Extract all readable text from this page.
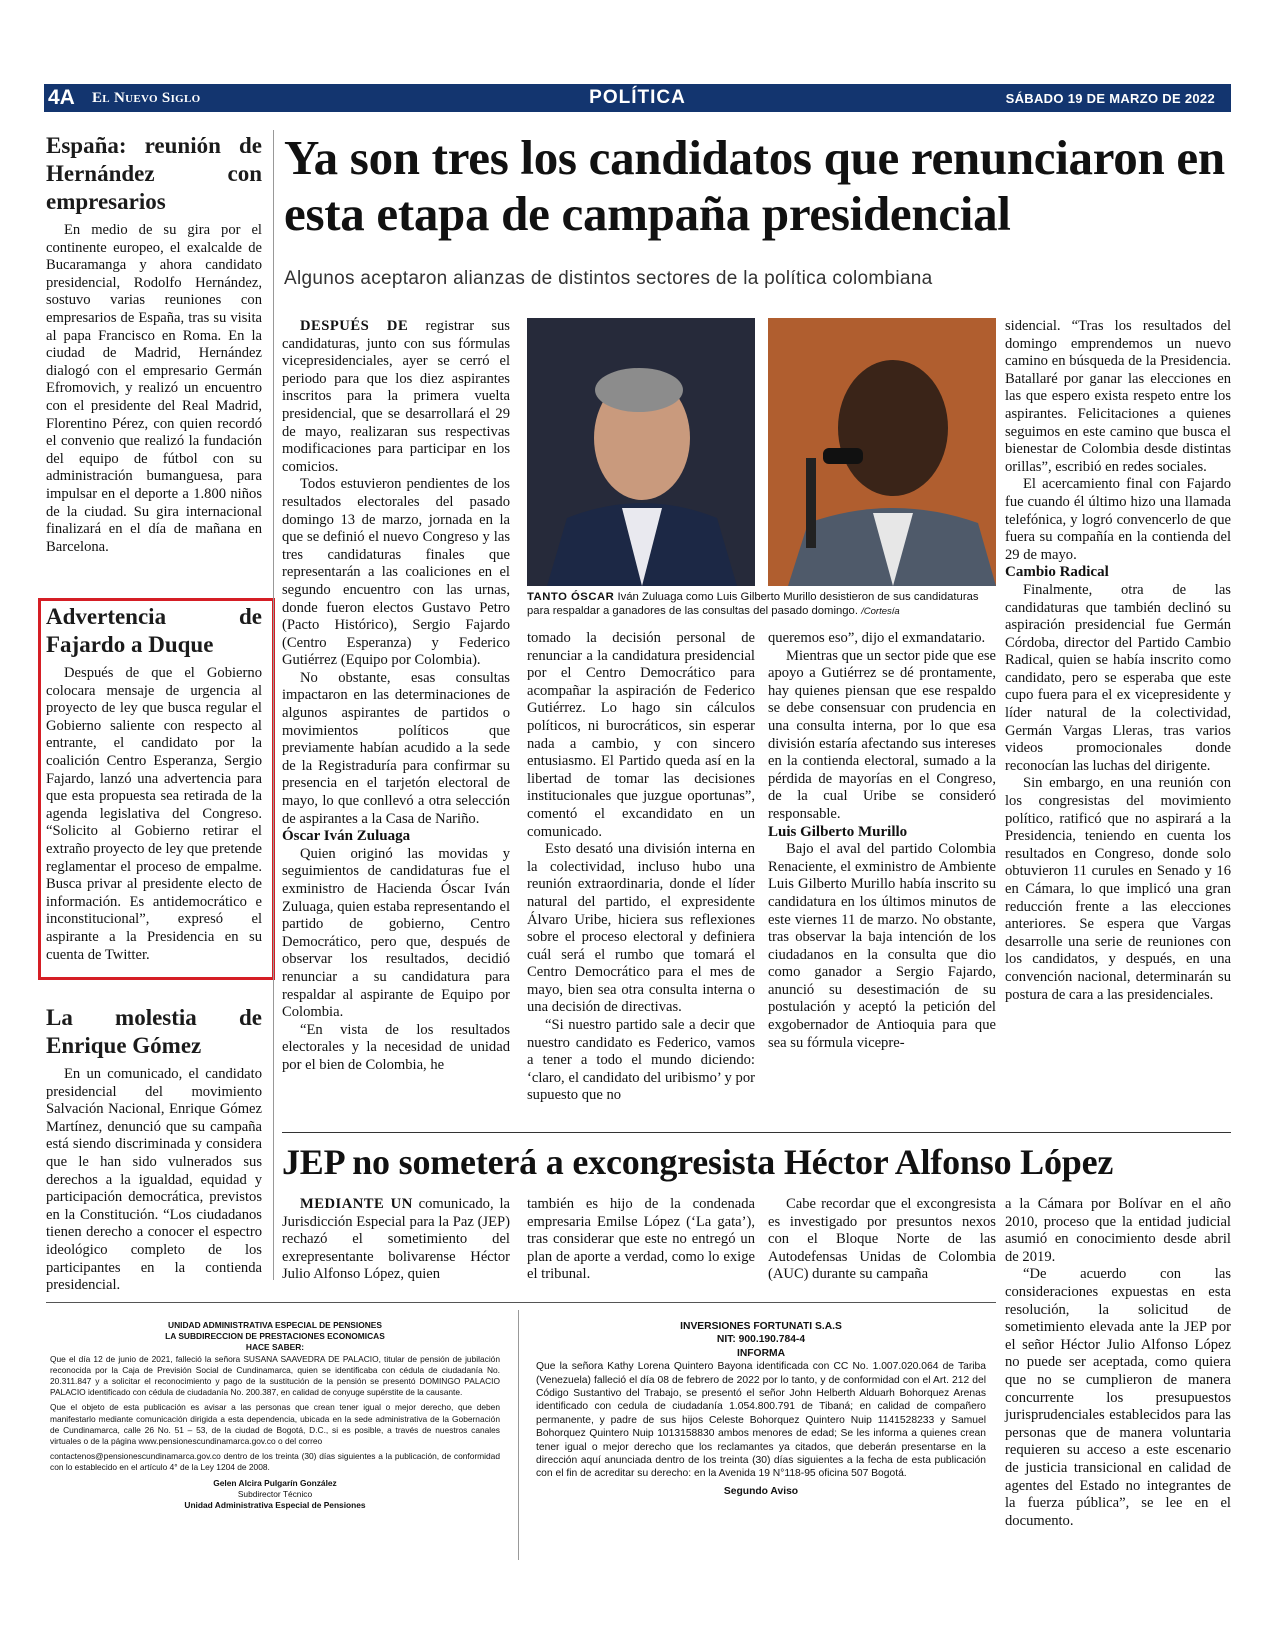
4A El Nuevo Siglo	POLÍTICA	SÁBADO 19 DE MARZO DE 2022
España: reunión de Hernández con empresarios

En medio de su gira por el continente europeo, el exalcalde de Bucaramanga y ahora candidato presidencial, Rodolfo Hernández, sostuvo varias reuniones con empresarios de España, tras su visita al papa Francisco en Roma. En la ciudad de Madrid, Hernández dialogó con el empresario Germán Efromovich, y realizó un encuentro con el presidente del Real Madrid, Florentino Pérez, con quien recordó el convenio que realizó la fundación del equipo de fútbol con su administración bumanguesa, para impulsar en el deporte a 1.800 niños de la ciudad. Su gira internacional finalizará en el día de mañana en Barcelona.

Advertencia de Fajardo a Duque

Después de que el Gobierno colocara mensaje de urgencia al proyecto de ley que busca regular el Gobierno saliente con respecto al entrante, el candidato por la coalición Centro Esperanza, Sergio Fajardo, lanzó una advertencia para que esta propuesta sea retirada de la agenda legislativa del Congreso. “Solicito al Gobierno retirar el extraño proyecto de ley que pretende reglamentar el proceso de empalme. Busca privar al presidente electo de información. Es antidemocrático e inconstitucional”, expresó el aspirante a la Presidencia en su cuenta de Twitter.

La molestia de Enrique Gómez

En un comunicado, el candidato presidencial del movimiento Salvación Nacional, Enrique Gómez Martínez, denunció que su campaña está siendo discriminada y considera que le han sido vulnerados sus derechos a la igualdad, equidad y participación democrática, previstos en la Constitución. “Los ciudadanos tienen derecho a conocer el espectro ideológico completo de los participantes en la contienda presidencial.

Ya son tres los candidatos que renunciaron en esta etapa de campaña presidencial
Algunos aceptaron alianzas de distintos sectores de la política colombiana
TANTO ÓSCAR Iván Zuluaga como Luis Gilberto Murillo desistieron de sus candidaturas para respaldar a ganadores de las consultas del pasado domingo. /Cortesía

DESPUÉS DE registrar sus candidaturas, junto con sus fórmulas vicepresidenciales, ayer se cerró el periodo para que los diez aspirantes inscritos para la primera vuelta presidencial, que se desarrollará el 29 de mayo, realizaran sus respectivas modificaciones para participar en los comicios.

Todos estuvieron pendientes de los resultados electorales del pasado domingo 13 de marzo, jornada en la que se definió el nuevo Congreso y las tres candidaturas finales que representarán a las coaliciones en el segundo encuentro con las urnas, donde fueron electos Gustavo Petro (Pacto Histórico), Sergio Fajardo (Centro Esperanza) y Federico Gutiérrez (Equipo por Colombia).

No obstante, esas consultas impactaron en las determinaciones de algunos aspirantes de partidos o movimientos políticos que previamente habían acudido a la sede de la Registraduría para confirmar su presencia en el tarjetón electoral de mayo, lo que conllevó a otra selección de aspirantes a la Casa de Nariño.

Óscar Iván Zuluaga

Quien originó las movidas y seguimientos de candidaturas fue el exministro de Hacienda Óscar Iván Zuluaga, quien estaba representando el partido de gobierno, Centro Democrático, pero que, después de observar los resultados, decidió renunciar a su candidatura para respaldar al aspirante de Equipo por Colombia.

“En vista de los resultados electorales y la necesidad de unidad por el bien de Colombia, he

tomado la decisión personal de renunciar a la candidatura presidencial por el Centro Democrático para acompañar la aspiración de Federico Gutiérrez. Lo hago sin cálculos políticos, ni burocráticos, sin esperar nada a cambio, y con sincero entusiasmo. El Partido queda así en la libertad de tomar las decisiones institucionales que juzgue oportunas”, comentó el excandidato en un comunicado.

Esto desató una división interna en la colectividad, incluso hubo una reunión extraordinaria, donde el líder natural del partido, el expresidente Álvaro Uribe, hiciera sus reflexiones sobre el proceso electoral y definiera cuál será el rumbo que tomará el Centro Democrático para el mes de mayo, bien sea otra consulta interna o una decisión de directivas.

“Si nuestro partido sale a decir que nuestro candidato es Federico, vamos a tener a todo el mundo diciendo: ‘claro, el candidato del uribismo’ y por supuesto que no

queremos eso”, dijo el exmandatario.

Mientras que un sector pide que ese apoyo a Gutiérrez se dé prontamente, hay quienes piensan que ese respaldo se debe consensuar con prudencia en una consulta interna, por lo que esa división estaría afectando sus intereses en la contienda electoral, sumado a la pérdida de mayorías en el Congreso, de la cual Uribe se consideró responsable.

Luis Gilberto Murillo

Bajo el aval del partido Colombia Renaciente, el exministro de Ambiente Luis Gilberto Murillo había inscrito su candidatura en los últimos minutos de este viernes 11 de marzo. No obstante, tras observar la baja intención de los ciudadanos en la consulta que dio como ganador a Sergio Fajardo, anunció su desestimación de su postulación y aceptó la petición del exgobernador de Antioquia para que sea su fórmula vicepre-

sidencial. “Tras los resultados del domingo emprendemos un nuevo camino en búsqueda de la Presidencia. Batallaré por ganar las elecciones en las que espero exista respeto entre los aspirantes. Felicitaciones a quienes seguimos en este camino que busca el bienestar de Colombia desde distintas orillas”, escribió en redes sociales.

El acercamiento final con Fajardo fue cuando él último hizo una llamada telefónica, y logró convencerlo de que fuera su compañía en la contienda del 29 de mayo.

Cambio Radical

Finalmente, otra de las candidaturas que también declinó su aspiración presidencial fue Germán Córdoba, director del Partido Cambio Radical, quien se había inscrito como candidato, pero se esperaba que este cupo fuera para el ex vicepresidente y líder natural de la colectividad, Germán Vargas Lleras, tras varios videos promocionales donde reconocían las luchas del dirigente.

Sin embargo, en una reunión con los congresistas del movimiento político, ratificó que no aspirará a la Presidencia, teniendo en cuenta los resultados en Congreso, donde solo obtuvieron 11 curules en Senado y 16 en Cámara, lo que implicó una gran reducción frente a las elecciones anteriores. Se espera que Vargas desarrolle una serie de reuniones con los candidatos, y después, en una convención nacional, determinarán su postura de cara a las presidenciales.

JEP no someterá a excongresista Héctor Alfonso López

MEDIANTE UN comunicado, la Jurisdicción Especial para la Paz (JEP) rechazó el sometimiento del exrepresentante bolivarense Héctor Julio Alfonso López, quien

también es hijo de la condenada empresaria Emilse López (‘La gata’), tras considerar que este no entregó un plan de aporte a verdad, como lo exige el tribunal.

Cabe recordar que el excongresista es investigado por presuntos nexos con el Bloque Norte de las Autodefensas Unidas de Colombia (AUC) durante su campaña

a la Cámara por Bolívar en el año 2010, proceso que la entidad judicial asumió en conocimiento desde abril de 2019.

“De acuerdo con las consideraciones expuestas en esta resolución, la solicitud de sometimiento elevada ante la JEP por el señor Héctor Julio Alfonso López no puede ser aceptada, como quiera que no se cumplieron de manera concurrente los presupuestos jurisprudenciales establecidos para las personas que de manera voluntaria requieren su acceso a este escenario de justicia transicional en calidad de agentes del Estado no integrantes de la fuerza pública”, se lee en el documento.

UNIDAD ADMINISTRATIVA ESPECIAL DE PENSIONES
LA SUBDIRECCION DE PRESTACIONES ECONOMICAS
HACE SABER:
Que el día 12 de junio de 2021, falleció la señora SUSANA SAAVEDRA DE PALACIO, titular de pensión de jubilación reconocida por la Caja de Previsión Social de Cundinamarca, quien se identificaba con cédula de ciudadanía No. 20.311.847 y a solicitar el reconocimiento y pago de la sustitución de la pensión se presentó DOMINGO PALACIO PALACIO identificado con cédula de ciudadanía No. 200.387, en calidad de conyuge supérstite de la causante.
Que el objeto de esta publicación es avisar a las personas que crean tener igual o mejor derecho, que deben manifestarlo mediante comunicación dirigida a esta dependencia, ubicada en la sede administrativa de la Gobernación de Cundinamarca, calle 26 No. 51 – 53, de la ciudad de Bogotá, D.C., si es posible, a través de nuestros canales virtuales o de la página www.pensionescundinamarca.gov.co o del correo
contactenos@pensionescundinamarca.gov.co dentro de los treinta (30) días siguientes a la publicación, de conformidad con lo establecido en el artículo 4° de la Ley 1204 de 2008.
Gelen Alcira Pulgarín González
Subdirector Técnico
Unidad Administrativa Especial de Pensiones
INVERSIONES FORTUNATI S.A.S
NIT: 900.190.784-4
INFORMA
Que la señora Kathy Lorena Quintero Bayona identificada con CC No. 1.007.020.064 de Tariba (Venezuela) falleció el día 08 de febrero de 2022 por lo tanto, y de conformidad con el Art. 212 del Código Sustantivo del Trabajo, se presentó el señor John Helberth Alduarh Bohorquez Arenas identificado con cedula de ciudadanía 1.054.800.791 de Tibaná; en calidad de compañero permanente, y padre de sus hijos Celeste Bohorquez Quintero Nuip 1141528233 y Samuel Bohorquez Quintero Nuip 1013158830 ambos menores de edad; Se les informa a quienes crean tener igual o mejor derecho que los reclamantes ya citados, que deberán presentarse en la dirección aquí anunciada dentro de los treinta (30) días siguientes a la fecha de esta publicación con el fin de acreditar su derecho: en la Avenida 19 N°118-95 oficina 507 Bogotá.
Segundo Aviso
